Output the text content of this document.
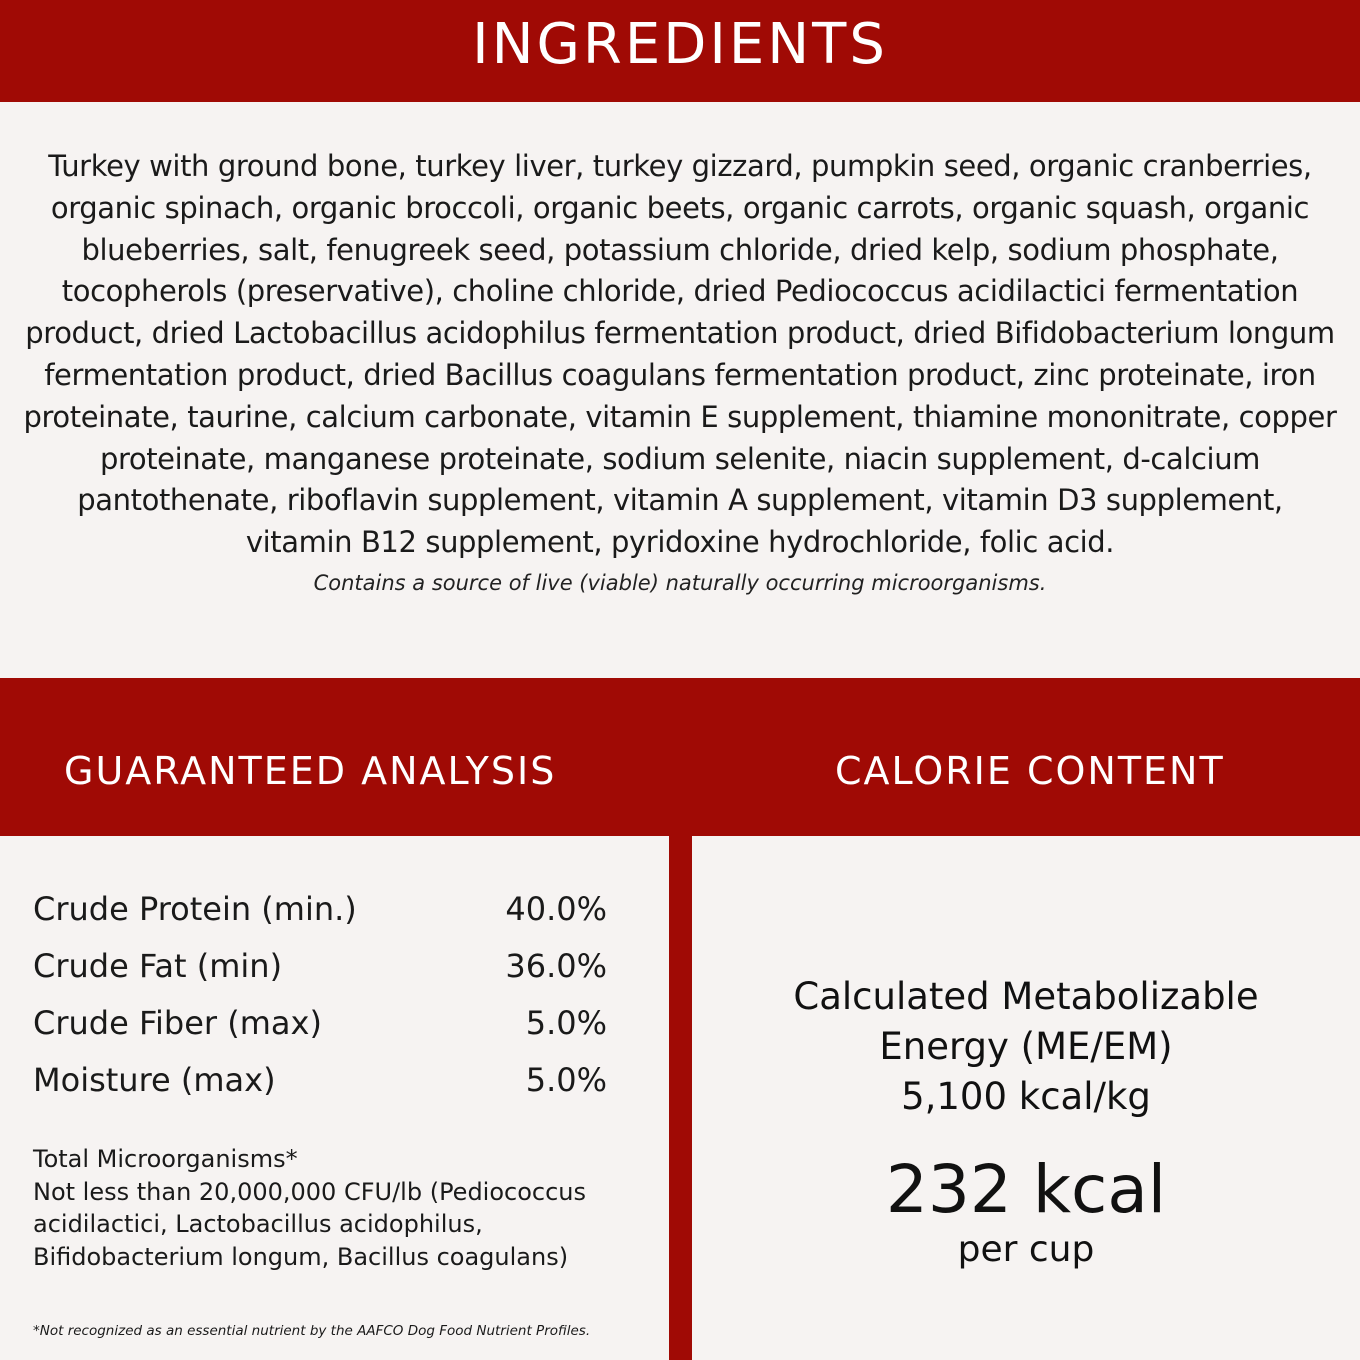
INGREDIENTS

Turkey with ground bone, turkey liver, turkey gizzard, pumpkin seed, organic cranberries, organic spinach, organic broccoli, organic beets, organic carrots, organic squash, organic blueberries, salt, fenugreek seed, potassium chloride, dried kelp, sodium phosphate, tocopherols (preservative), choline chloride, dried Pediococcus acidilactici fermentation product, dried Lactobacillus acidophilus fermentation product, dried Bifidobacterium longum fermentation product, dried Bacillus coagulans fermentation product, zinc proteinate, iron proteinate, taurine, calcium carbonate, vitamin E supplement, thiamine mononitrate, copper proteinate, manganese proteinate, sodium selenite, niacin supplement, d-calcium pantothenate, riboflavin supplement, vitamin A supplement, vitamin D3 supplement, vitamin B12 supplement, pyridoxine hydrochloride, folic acid.

Contains a source of live (viable) naturally occurring microorganisms.

GUARANTEED ANALYSIS	CALORIE CONTENT
Crude Protein (min.)	40.0%
Crude Fat (min)	36.0%
Crude Fiber (max)	5.0%
Moisture (max)	5.0%
Total Microorganisms*
Not less than 20,000,000 CFU/lb (Pediococcus acidilactici, Lactobacillus acidophilus, Bifidobacterium longum, Bacillus coagulans)
*Not recognized as an essential nutrient by the AAFCO Dog Food Nutrient Profiles.
Calculated Metabolizable
Energy (ME/EM)
5,100 kcal/kg
232 kcal
per cup
